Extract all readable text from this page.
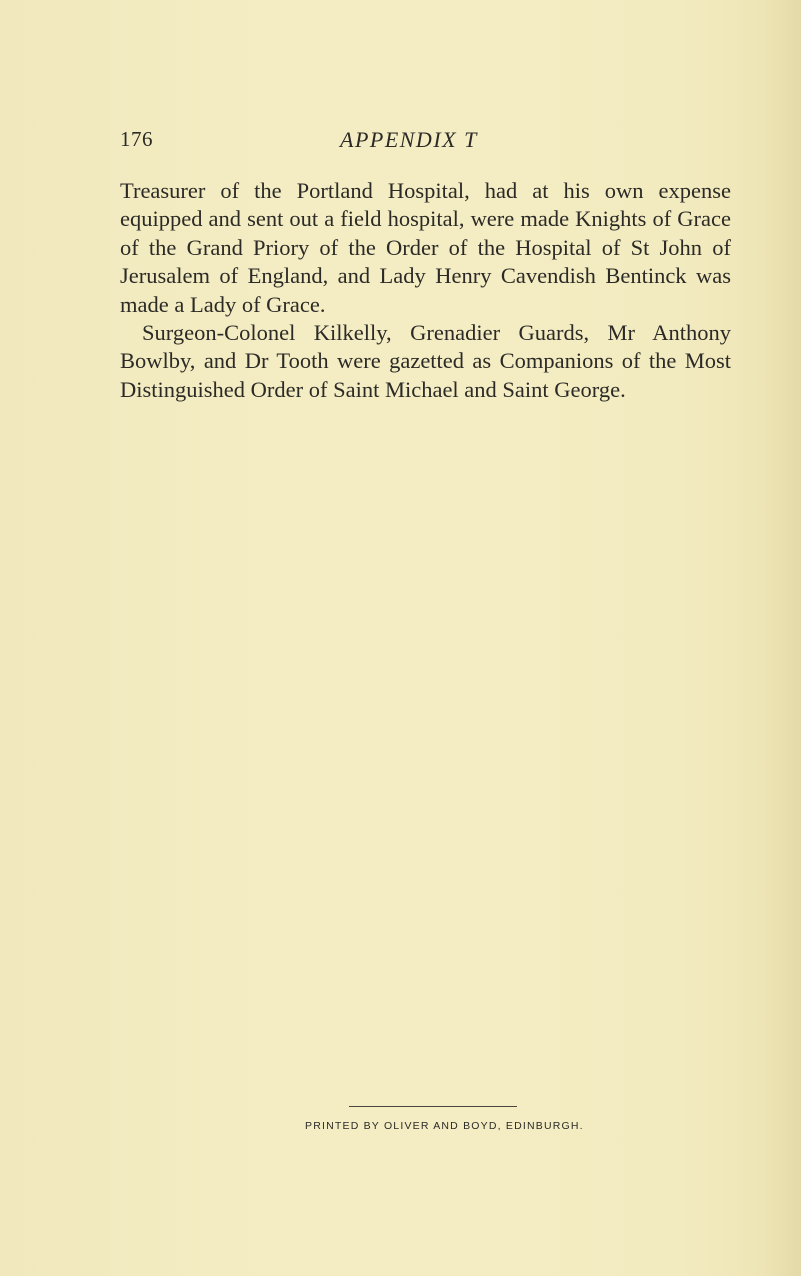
176	APPENDIX T

Treasurer of the Portland Hospital, had at his own expense equipped and sent out a field hospital, were made Knights of Grace of the Grand Priory of the Order of the Hospital of St John of Jerusalem of England, and Lady Henry Cavendish Bentinck was made a Lady of Grace.

Surgeon-Colonel Kilkelly, Grenadier Guards, Mr Anthony Bowlby, and Dr Tooth were gazetted as Companions of the Most Distinguished Order of Saint Michael and Saint George.

PRINTED BY OLIVER AND BOYD, EDINBURGH.
